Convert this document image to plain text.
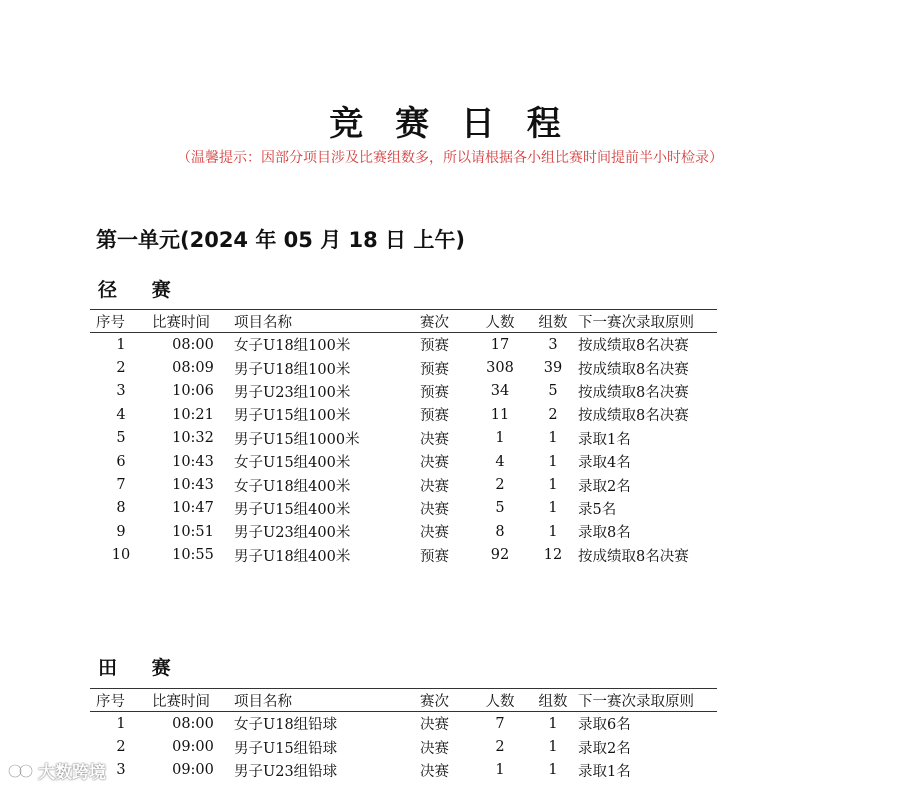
竞 赛 日 程
（温馨提示：因部分项目涉及比赛组数多，所以请根据各小组比赛时间提前半小时检录）
第一单元(2024 年 05 月 18 日 上午)
径 赛
序号	比赛时间	项目名称	赛次	人数	组数	下一赛次录取原则
1	08:00	女子U18组100米	预赛	17	3	按成绩取8名决赛
2	08:09	男子U18组100米	预赛	308	39	按成绩取8名决赛
3	10:06	男子U23组100米	预赛	34	5	按成绩取8名决赛
4	10:21	男子U15组100米	预赛	11	2	按成绩取8名决赛
5	10:32	男子U15组1000米	决赛	1	1	录取1名
6	10:43	女子U15组400米	决赛	4	1	录取4名
7	10:43	女子U18组400米	决赛	2	1	录取2名
8	10:47	男子U15组400米	决赛	5	1	录5名
9	10:51	男子U23组400米	决赛	8	1	录取8名
10	10:55	男子U18组400米	预赛	92	12	按成绩取8名决赛
田 赛
序号	比赛时间	项目名称	赛次	人数	组数	下一赛次录取原则
1	08:00	女子U18组铅球	决赛	7	1	录取6名
2	09:00	男子U15组铅球	决赛	2	1	录取2名
3	09:00	男子U23组铅球	决赛	1	1	录取1名
大数跨境
